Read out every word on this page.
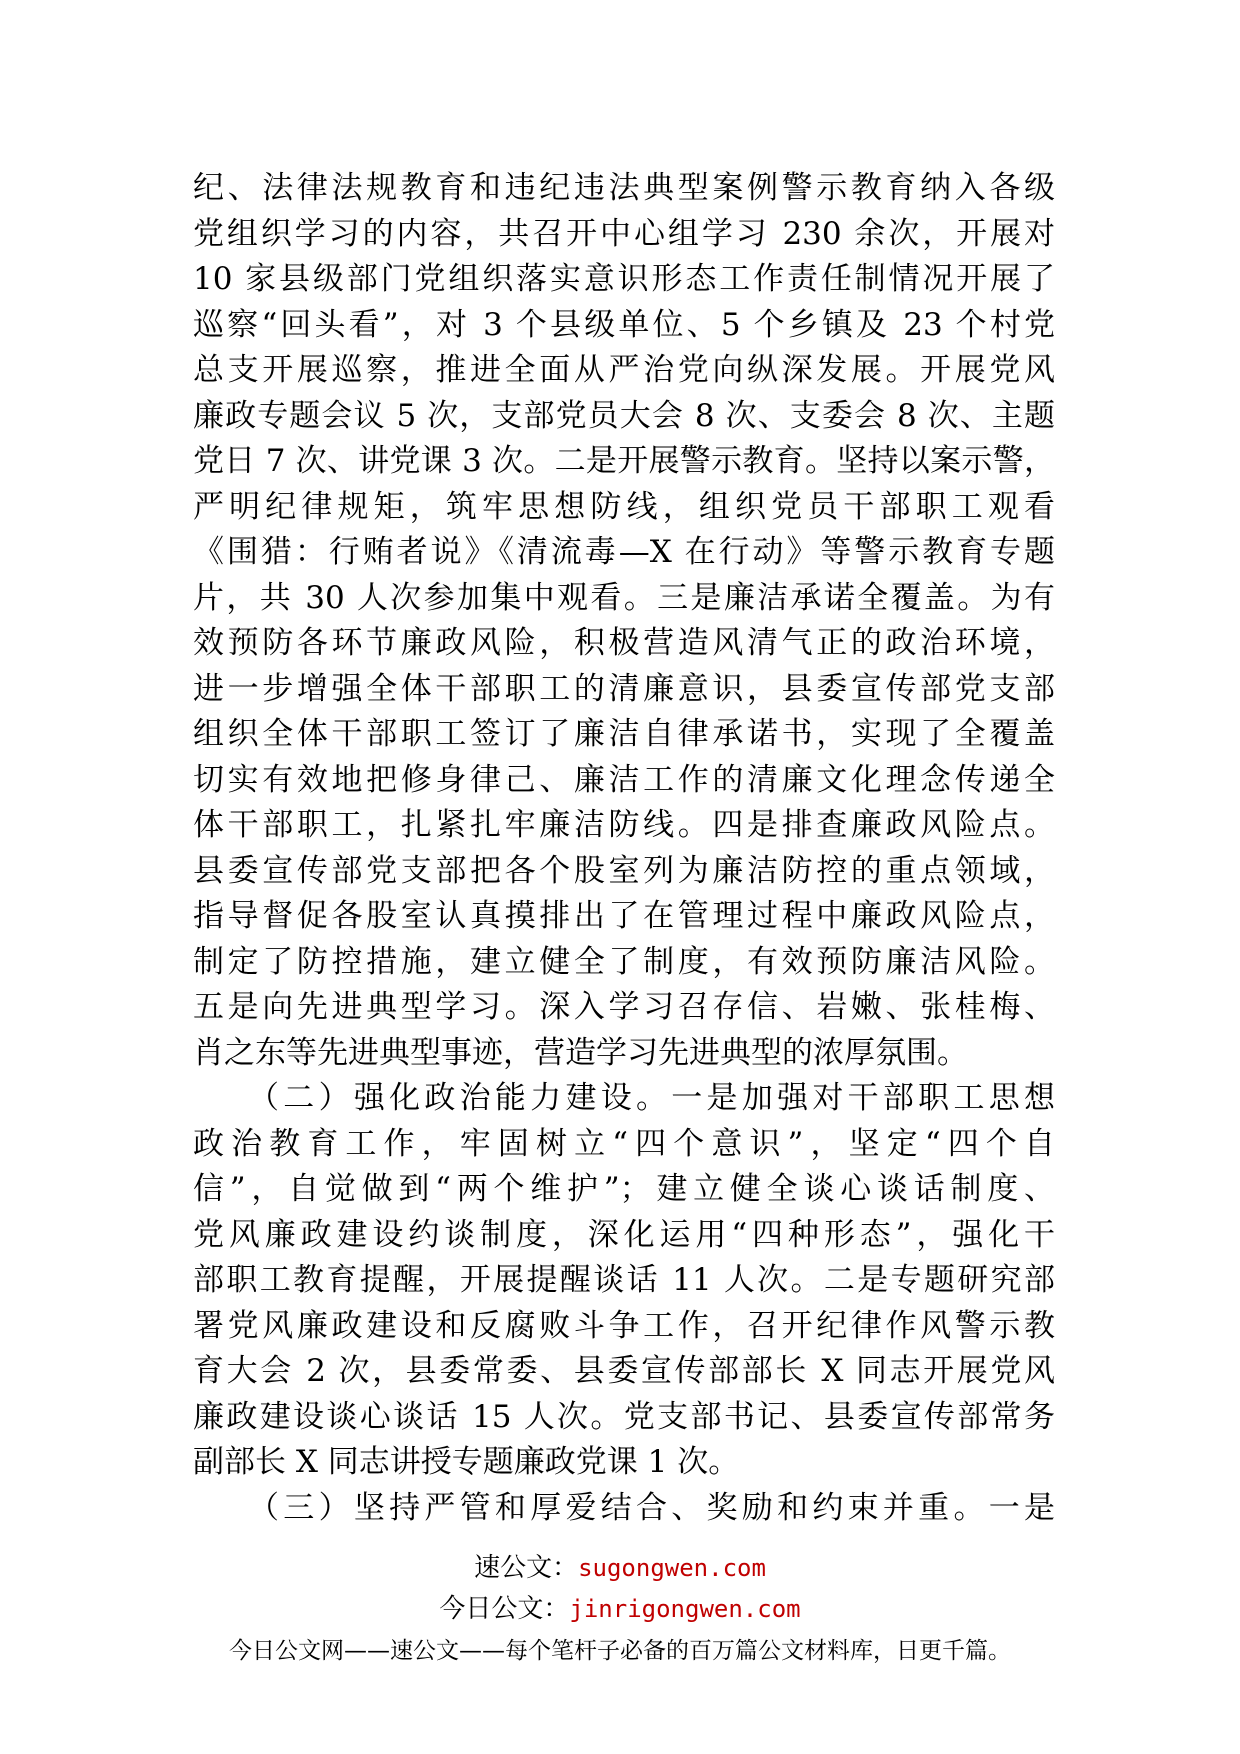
纪、法律法规教育和违纪违法典型案例警示教育纳入各级
党组织学习的内容，共召开中心组学习 230 余次，开展对
10 家县级部门党组织落实意识形态工作责任制情况开展了
巡察“回头看”，对 3 个县级单位、5 个乡镇及 23 个村党
总支开展巡察，推进全面从严治党向纵深发展。开展党风
廉政专题会议 5 次，支部党员大会 8 次、支委会 8 次、主题
党日 7 次、讲党课 3 次。二是开展警示教育。坚持以案示警，
严明纪律规矩，筑牢思想防线，组织党员干部职工观看
《围猎：行贿者说》《清流毒—X 在行动》等警示教育专题
片，共 30 人次参加集中观看。三是廉洁承诺全覆盖。为有
效预防各环节廉政风险，积极营造风清气正的政治环境，
进一步增强全体干部职工的清廉意识，县委宣传部党支部
组织全体干部职工签订了廉洁自律承诺书，实现了全覆盖
切实有效地把修身律己、廉洁工作的清廉文化理念传递全
体干部职工，扎紧扎牢廉洁防线。四是排查廉政风险点。
县委宣传部党支部把各个股室列为廉洁防控的重点领域，
指导督促各股室认真摸排出了在管理过程中廉政风险点，
制定了防控措施，建立健全了制度，有效预防廉洁风险。
五是向先进典型学习。深入学习召存信、岩嫩、张桂梅、
肖之东等先进典型事迹，营造学习先进典型的浓厚氛围。
　　（二）强化政治能力建设。一是加强对干部职工思想
政治教育工作，牢固树立“四个意识”，坚定“四个自
信”，自觉做到“两个维护”；建立健全谈心谈话制度、
党风廉政建设约谈制度，深化运用“四种形态”，强化干
部职工教育提醒，开展提醒谈话 11 人次。二是专题研究部
署党风廉政建设和反腐败斗争工作，召开纪律作风警示教
育大会 2 次，县委常委、县委宣传部部长 X 同志开展党风
廉政建设谈心谈话 15 人次。党支部书记、县委宣传部常务
副部长 X 同志讲授专题廉政党课 1 次。
　　（三）坚持严管和厚爱结合、奖励和约束并重。一是
速公文：sugongwen.com
今日公文：jinrigongwen.com
今日公文网——速公文——每个笔杆子必备的百万篇公文材料库，日更千篇。
